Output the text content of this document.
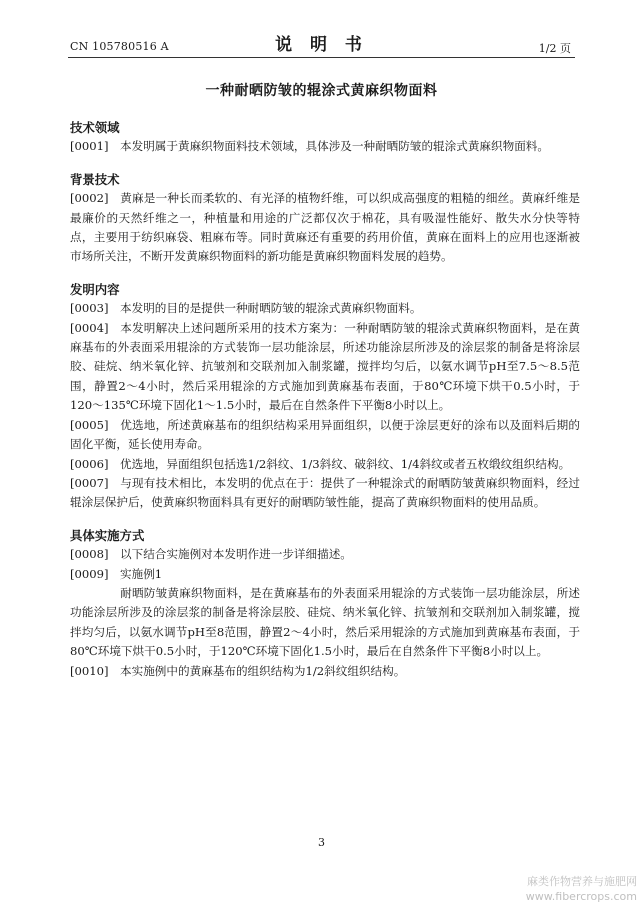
CN 105780516 A	说 明 书	1/2 页
一种耐晒防皱的辊涂式黄麻织物面料
技术领域
[0001] 本发明属于黄麻织物面料技术领域，具体涉及一种耐晒防皱的辊涂式黄麻织物面料。
背景技术
[0002] 黄麻是一种长而柔软的、有光泽的植物纤维，可以织成高强度的粗糙的细丝。黄麻纤维是最廉价的天然纤维之一，种植量和用途的广泛都仅次于棉花，具有吸湿性能好、散失水分快等特点，主要用于纺织麻袋、粗麻布等。同时黄麻还有重要的药用价值，黄麻在面料上的应用也逐渐被市场所关注，不断开发黄麻织物面料的新功能是黄麻织物面料发展的趋势。
发明内容
[0003] 本发明的目的是提供一种耐晒防皱的辊涂式黄麻织物面料。
[0004] 本发明解决上述问题所采用的技术方案为：一种耐晒防皱的辊涂式黄麻织物面料，是在黄麻基布的外表面采用辊涂的方式装饰一层功能涂层，所述功能涂层所涉及的涂层浆的制备是将涂层胶、硅烷、纳米氧化锌、抗皱剂和交联剂加入制浆罐，搅拌均匀后，以氨水调节pH至7.5～8.5范围，静置2～4小时，然后采用辊涂的方式施加到黄麻基布表面，于80℃环境下烘干0.5小时，于120～135℃环境下固化1～1.5小时，最后在自然条件下平衡8小时以上。
[0005] 优选地，所述黄麻基布的组织结构采用异面组织，以便于涂层更好的涂布以及面料后期的固化平衡，延长使用寿命。
[0006] 优选地，异面组织包括选1/2斜纹、1/3斜纹、破斜纹、1/4斜纹或者五枚缎纹组织结构。
[0007] 与现有技术相比，本发明的优点在于：提供了一种辊涂式的耐晒防皱黄麻织物面料，经过辊涂层保护后，使黄麻织物面料具有更好的耐晒防皱性能，提高了黄麻织物面料的使用品质。
具体实施方式
[0008] 以下结合实施例对本发明作进一步详细描述。
[0009] 实施例1
耐晒防皱黄麻织物面料，是在黄麻基布的外表面采用辊涂的方式装饰一层功能涂层，所述功能涂层所涉及的涂层浆的制备是将涂层胶、硅烷、纳米氧化锌、抗皱剂和交联剂加入制浆罐，搅拌均匀后，以氨水调节pH至8范围，静置2～4小时，然后采用辊涂的方式施加到黄麻基布表面，于80℃环境下烘干0.5小时，于120℃环境下固化1.5小时，最后在自然条件下平衡8小时以上。
[0010] 本实施例中的黄麻基布的组织结构为1/2斜纹组织结构。
3
麻类作物营养与施肥网
www.fibercrops.com
